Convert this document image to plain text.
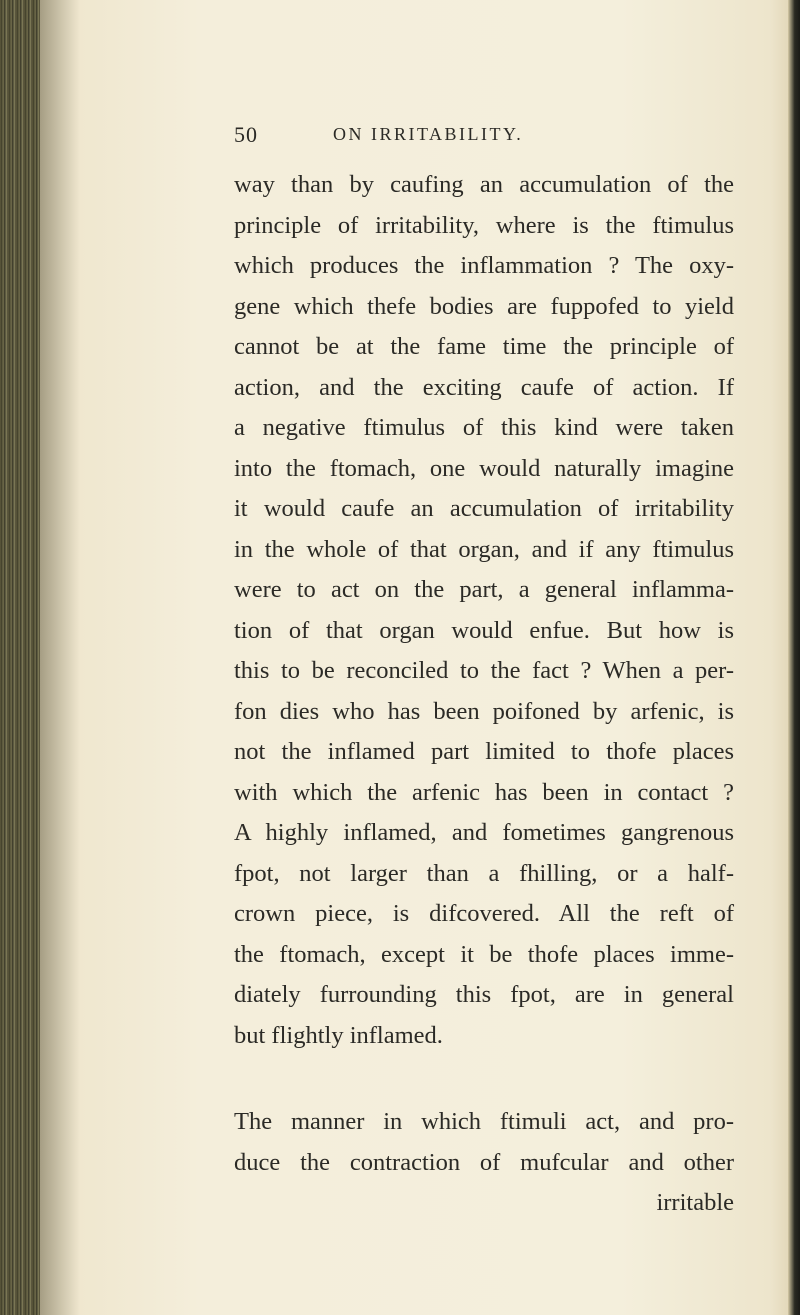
50	ON IRRITABILITY.
way than by caufing an accumulation of the
principle of irritability, where is the ftimulus
which produces the inflammation ? The oxy-
gene which thefe bodies are fuppofed to yield
cannot be at the fame time the principle of
action, and the exciting caufe of action. If
a negative ftimulus of this kind were taken
into the ftomach, one would naturally imagine
it would caufe an accumulation of irritability
in the whole of that organ, and if any ftimulus
were to act on the part, a general inflamma-
tion of that organ would enfue. But how is
this to be reconciled to the fact ? When a per-
fon dies who has been poifoned by arfenic, is
not the inflamed part limited to thofe places
with which the arfenic has been in contact ?
A highly inflamed, and fometimes gangrenous
fpot, not larger than a fhilling, or a half-
crown piece, is difcovered. All the reft of
the ftomach, except it be thofe places imme-
diately furrounding this fpot, are in general
but flightly inflamed.
The manner in which ftimuli act, and pro-
duce the contraction of mufcular and other
irritable
